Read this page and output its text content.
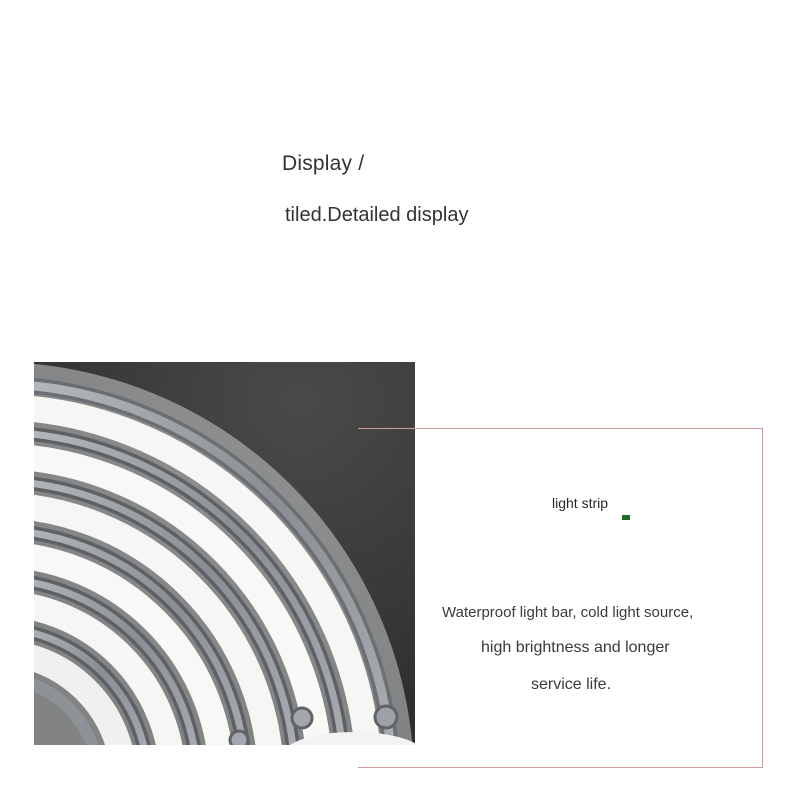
Display /
tiled.Detailed display
light strip
Waterproof light bar, cold light source,
high brightness and longer
service life.
